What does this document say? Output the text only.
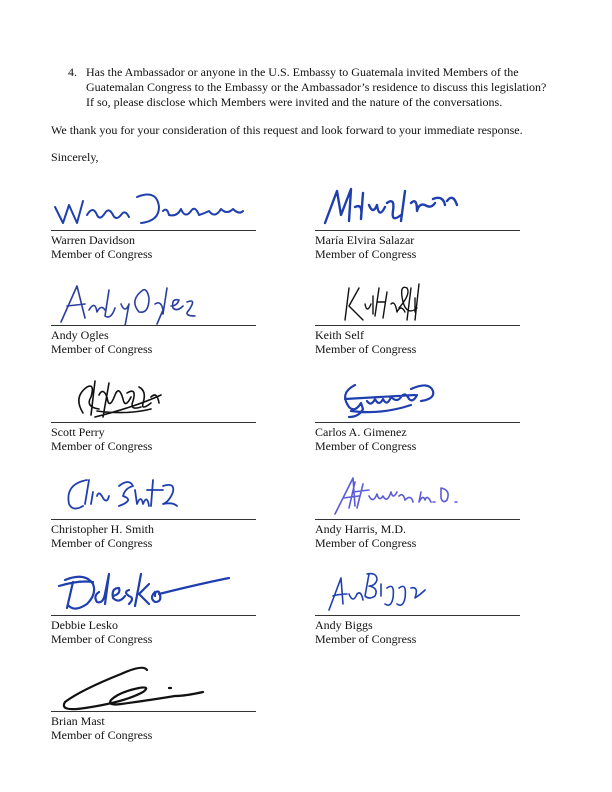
4. Has the Ambassador or anyone in the U.S. Embassy to Guatemala invited Members of the Guatemalan Congress to the Embassy or the Ambassador’s residence to discuss this legislation? If so, please disclose which Members were invited and the nature of the conversations.
We thank you for your consideration of this request and look forward to your immediate response.
Sincerely,
Warren Davidson
Member of Congress
María Elvira Salazar
Member of Congress
Andy Ogles
Member of Congress
Keith Self
Member of Congress
Scott Perry
Member of Congress
Carlos A. Gimenez
Member of Congress
Christopher H. Smith
Member of Congress
Andy Harris, M.D.
Member of Congress
Debbie Lesko
Member of Congress
Andy Biggs
Member of Congress
Brian Mast
Member of Congress
